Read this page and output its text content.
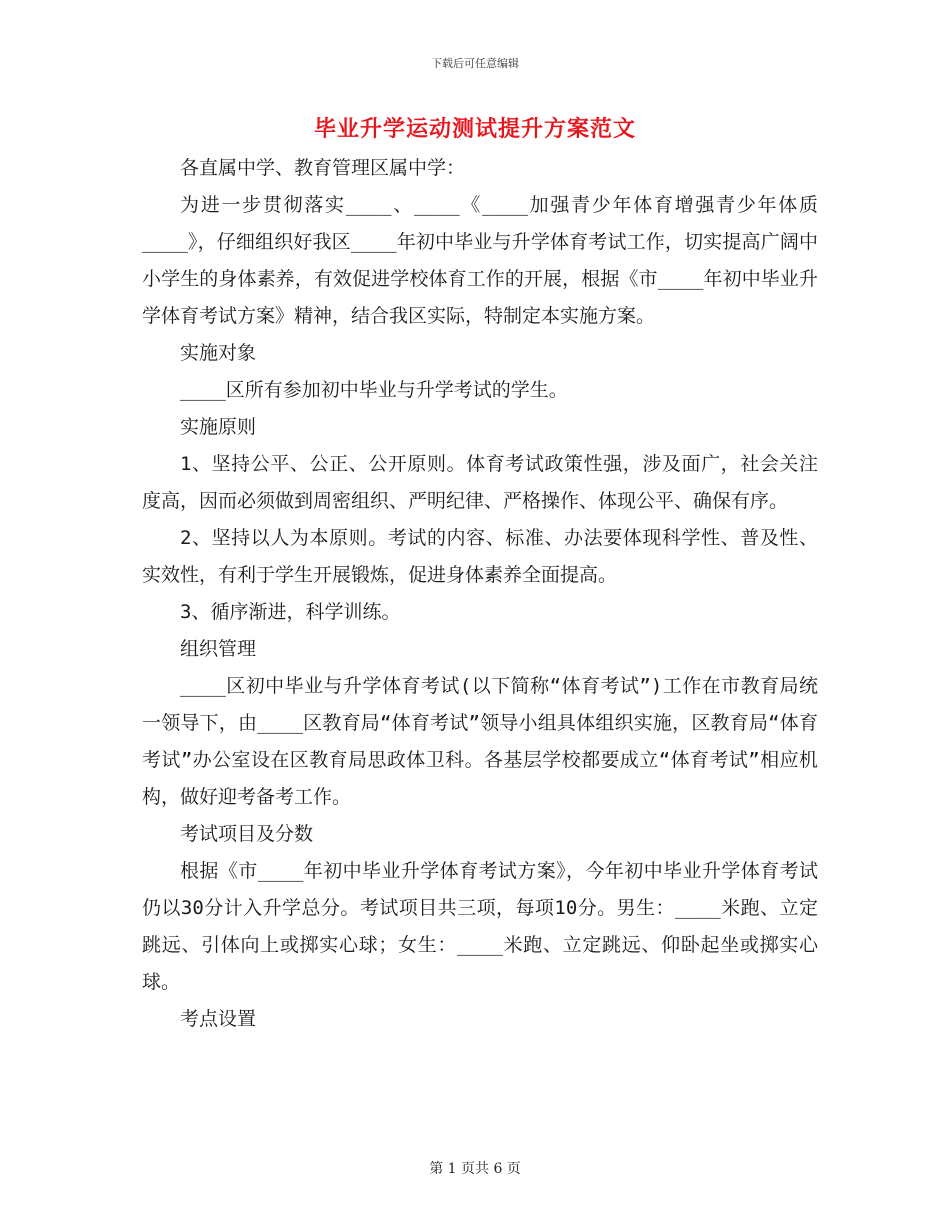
下载后可任意编辑
毕业升学运动测试提升方案范文

各直属中学、教育管理区属中学：

为进一步贯彻落实____、____《____加强青少年体育增强青少年体质____》，仔细组织好我区____年初中毕业与升学体育考试工作，切实提高广阔中小学生的身体素养，有效促进学校体育工作的开展，根据《市____年初中毕业升学体育考试方案》精神，结合我区实际，特制定本实施方案。

实施对象

____区所有参加初中毕业与升学考试的学生。

实施原则

1、坚持公平、公正、公开原则。体育考试政策性强，涉及面广，社会关注度高，因而必须做到周密组织、严明纪律、严格操作、体现公平、确保有序。

2、坚持以人为本原则。考试的内容、标准、办法要体现科学性、普及性、实效性，有利于学生开展锻炼，促进身体素养全面提高。

3、循序渐进，科学训练。

组织管理

____区初中毕业与升学体育考试(以下简称“体育考试”)工作在市教育局统一领导下，由____区教育局“体育考试”领导小组具体组织实施，区教育局“体育考试”办公室设在区教育局思政体卫科。各基层学校都要成立“体育考试”相应机构，做好迎考备考工作。

考试项目及分数

根据《市____年初中毕业升学体育考试方案》，今年初中毕业升学体育考试仍以30分计入升学总分。考试项目共三项，每项10分。男生：____米跑、立定跳远、引体向上或掷实心球；女生：____米跑、立定跳远、仰卧起坐或掷实心球。

考点设置

第 1 页共 6 页
